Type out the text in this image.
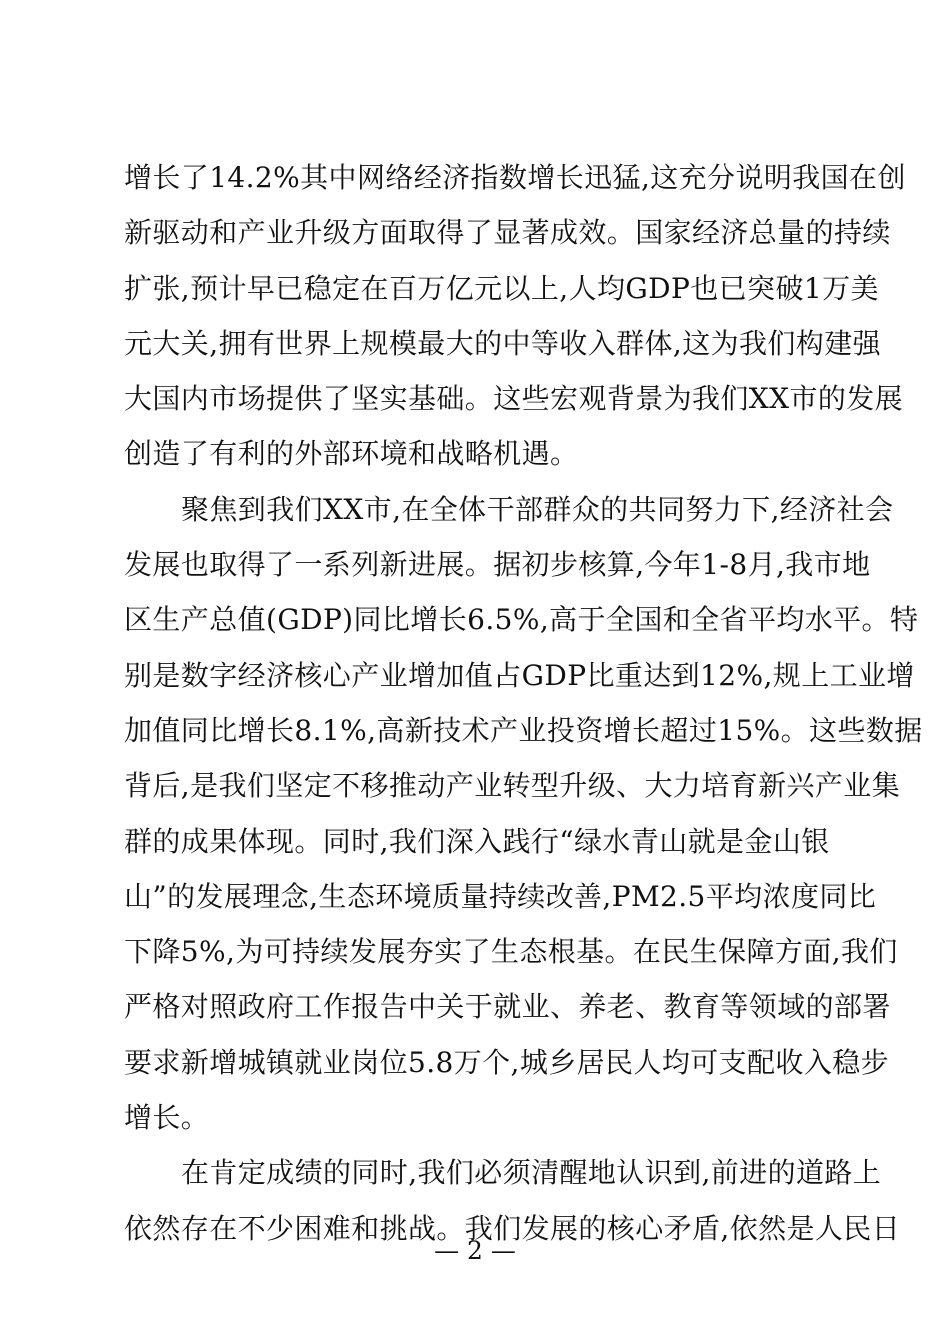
增长了14.2%其中网络经济指数增长迅猛,这充分说明我国在创
新驱动和产业升级方面取得了显著成效。国家经济总量的持续
扩张,预计早已稳定在百万亿元以上,人均GDP也已突破1万美
元大关,拥有世界上规模最大的中等收入群体,这为我们构建强
大国内市场提供了坚实基础。这些宏观背景为我们XX市的发展
创造了有利的外部环境和战略机遇。
聚焦到我们XX市,在全体干部群众的共同努力下,经济社会
发展也取得了一系列新进展。据初步核算,今年1-8月,我市地
区生产总值(GDP)同比增长6.5%,高于全国和全省平均水平。特
别是数字经济核心产业增加值占GDP比重达到12%,规上工业增
加值同比增长8.1%,高新技术产业投资增长超过15%。这些数据
背后,是我们坚定不移推动产业转型升级、大力培育新兴产业集
群的成果体现。同时,我们深入践行“绿水青山就是金山银
山”的发展理念,生态环境质量持续改善,PM2.5平均浓度同比
下降5%,为可持续发展夯实了生态根基。在民生保障方面,我们
严格对照政府工作报告中关于就业、养老、教育等领域的部署
要求新增城镇就业岗位5.8万个,城乡居民人均可支配收入稳步
增长。
在肯定成绩的同时,我们必须清醒地认识到,前进的道路上
依然存在不少困难和挑战。我们发展的核心矛盾,依然是人民日
— 2 —
